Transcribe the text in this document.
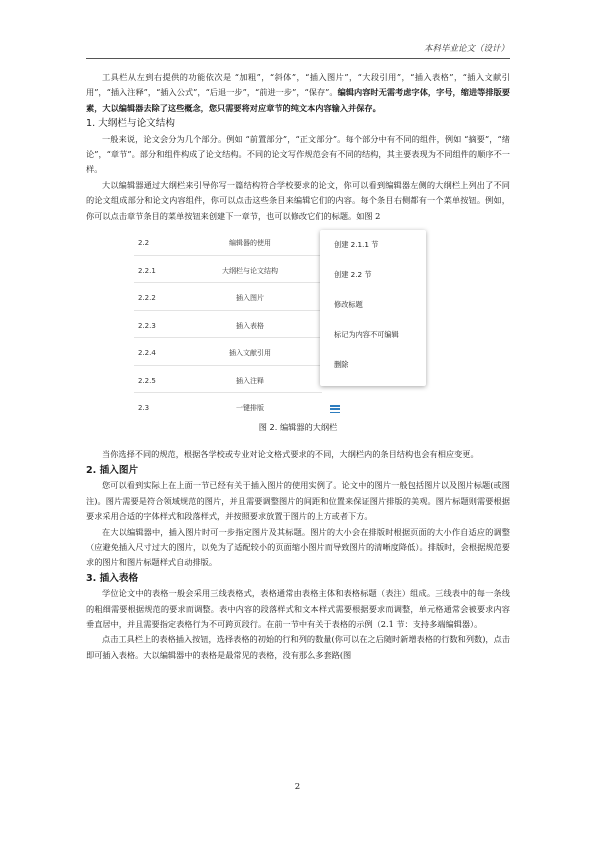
本科毕业论文（设计）

工具栏从左到右提供的功能依次是 “加粗”，“斜体”，“插入图片”，“大段引用”，“插入表格”，“插入文献引用”，“插入注释”，“插入公式”，“后退一步”，“前进一步”，“保存”。编辑内容时无需考虑字体，字号，缩进等排版要素，大以编辑器去除了这些概念，您只需要将对应章节的纯文本内容输入并保存。

1. 大纲栏与论文结构

一般来说，论文会分为几个部分。例如 “前置部分”，“正文部分”。每个部分中有不同的组件，例如 “摘要”，“绪论”，“章节”。部分和组件构成了论文结构。不同的论文写作规范会有不同的结构，其主要表现为不同组件的顺序不一样。

大以编辑器通过大纲栏来引导你写一篇结构符合学校要求的论文，你可以看到编辑器左侧的大纲栏上列出了不同的论文组成部分和论文内容组件，你可以点击这些条目来编辑它们的内容。每个条目右侧都有一个菜单按钮。例如，你可以点击章节条目的菜单按钮来创建下一章节，也可以修改它们的标题。如图 2

2.2	编辑器的使用
2.2.1	大纲栏与论文结构
2.2.2	插入图片
2.2.3	插入表格
2.2.4	插入文献引用
2.2.5	插入注释
2.3	一键排版
创建 2.1.1 节
创建 2.2 节
修改标题
标记为内容不可编辑
删除

图 2. 编辑器的大纲栏

当你选择不同的规范，根据各学校或专业对论文格式要求的不同，大纲栏内的条目结构也会有相应变更。

2. 插入图片

您可以看到实际上在上面一节已经有关于插入图片的使用实例了。论文中的图片一般包括图片以及图片标题(或图注)。图片需要是符合领域规范的图片，并且需要调整图片的间距和位置来保证图片排版的美观。图片标题则需要根据要求采用合适的字体样式和段落样式，并按照要求放置于图片的上方或者下方。

在大以编辑器中，插入图片时可一步指定图片及其标题。图片的大小会在排版时根据页面的大小作自适应的调整（应避免插入尺寸过大的图片，以免为了适配较小的页面缩小图片而导致图片的清晰度降低）。排版时，会根据规范要求的图片和图片标题样式自动排版。

3. 插入表格

学位论文中的表格一般会采用三线表格式，表格通常由表格主体和表格标题（表注）组成。三线表中的每一条线的粗细需要根据规范的要求而调整。表中内容的段落样式和文本样式需要根据要求而调整，单元格通常会被要求内容垂直居中，并且需要指定表格行为不可跨页段行。在前一节中有关于表格的示例（2.1 节：支持多端编辑器）。

点击工具栏上的表格插入按钮，选择表格的初始的行和列的数量(你可以在之后随时新增表格的行数和列数)，点击即可插入表格。大以编辑器中的表格是最常见的表格，没有那么多套路(图

2
